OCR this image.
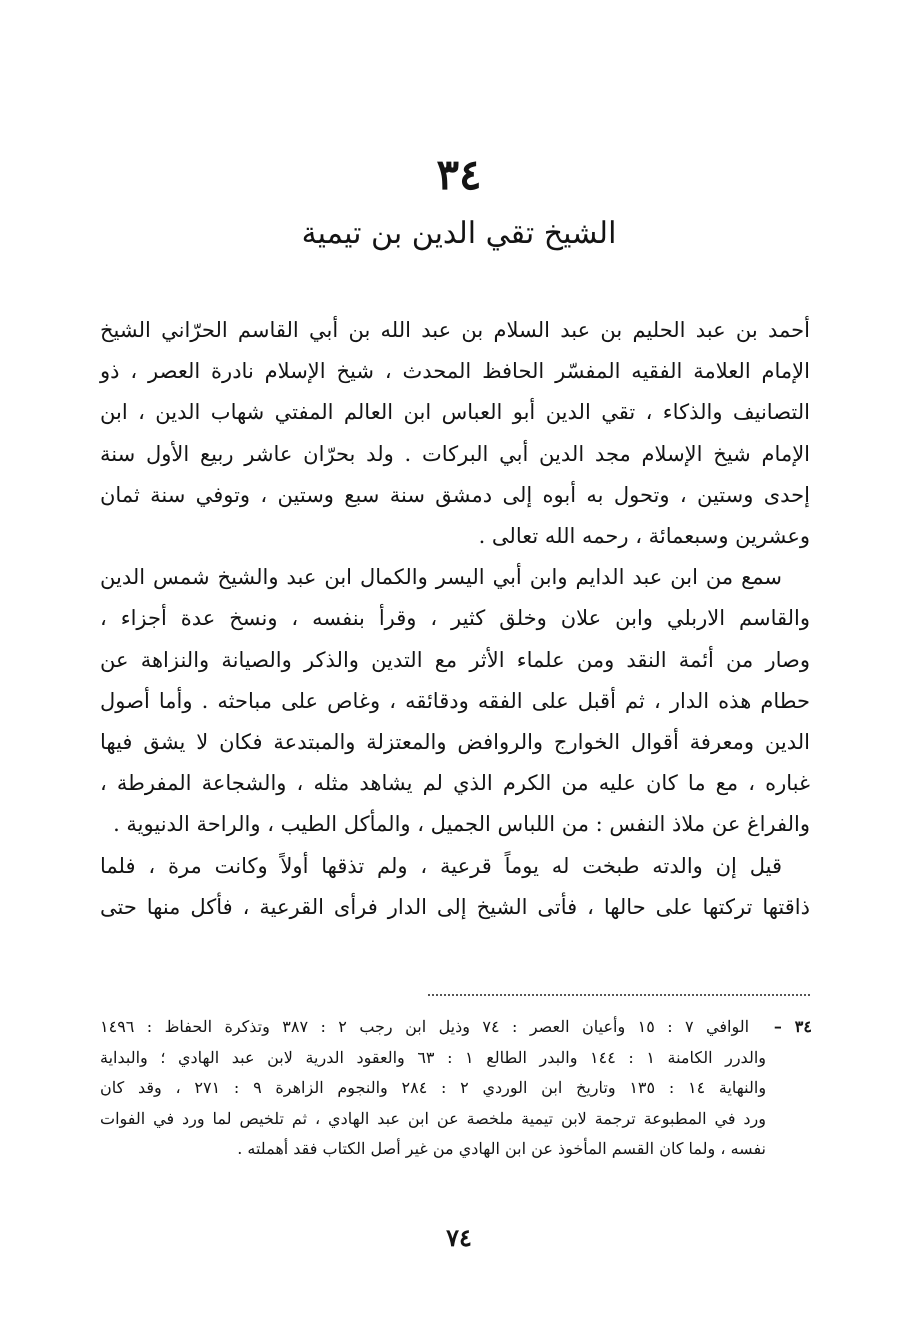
٣٤
الشيخ تقي الدين بن تيمية

أحمد بن عبد الحليم بن عبد السلام بن عبد الله بن أبي القاسم الحرّاني الشيخ
الإمام العلامة الفقيه المفسّر الحافظ المحدث ، شيخ الإسلام نادرة العصر ، ذو
التصانيف والذكاء ، تقي الدين أبو العباس ابن العالم المفتي شهاب الدين ، ابن
الإمام شيخ الإسلام مجد الدين أبي البركات . ولد بحرّان عاشر ربيع الأول سنة
إحدى وستين ، وتحول به أبوه إلى دمشق سنة سبع وستين ، وتوفي سنة ثمان
وعشرين وسبعمائة ، رحمه الله تعالى .

سمع من ابن عبد الدايم وابن أبي اليسر والكمال ابن عبد والشيخ شمس الدين
والقاسم الاربلي وابن علان وخلق كثير ، وقرأ بنفسه ، ونسخ عدة أجزاء ،
وصار من أئمة النقد ومن علماء الأثر مع التدين والذكر والصيانة والنزاهة عن
حطام هذه الدار ، ثم أقبل على الفقه ودقائقه ، وغاص على مباحثه . وأما أصول
الدين ومعرفة أقوال الخوارج والروافض والمعتزلة والمبتدعة فكان لا يشق فيها
غباره ، مع ما كان عليه من الكرم الذي لم يشاهد مثله ، والشجاعة المفرطة ،
والفراغ عن ملاذ النفس : من اللباس الجميل ، والمأكل الطيب ، والراحة الدنيوية .

قيل إن والدته طبخت له يوماً قرعية ، ولم تذقها أولاً وكانت مرة ، فلما
ذاقتها تركتها على حالها ، فأتى الشيخ إلى الدار فرأى القرعية ، فأكل منها حتى

٣٤ –  الوافي ٧ : ١٥ وأعيان العصر : ٧٤ وذيل ابن رجب ٢ : ٣٨٧ وتذكرة الحفاظ : ١٤٩٦
والدرر الكامنة ١ : ١٤٤ والبدر الطالع ١ : ٦٣ والعقود الدرية لابن عبد الهادي ؛ والبداية
والنهاية ١٤ : ١٣٥ وتاريخ ابن الوردي ٢ : ٢٨٤ والنجوم الزاهرة ٩ : ٢٧١ ، وقد كان
ورد في المطبوعة ترجمة لابن تيمية ملخصة عن ابن عبد الهادي ، ثم تلخيص لما ورد في الفوات
نفسه ، ولما كان القسم المأخوذ عن ابن الهادي من غير أصل الكتاب فقد أهملته .
٧٤
